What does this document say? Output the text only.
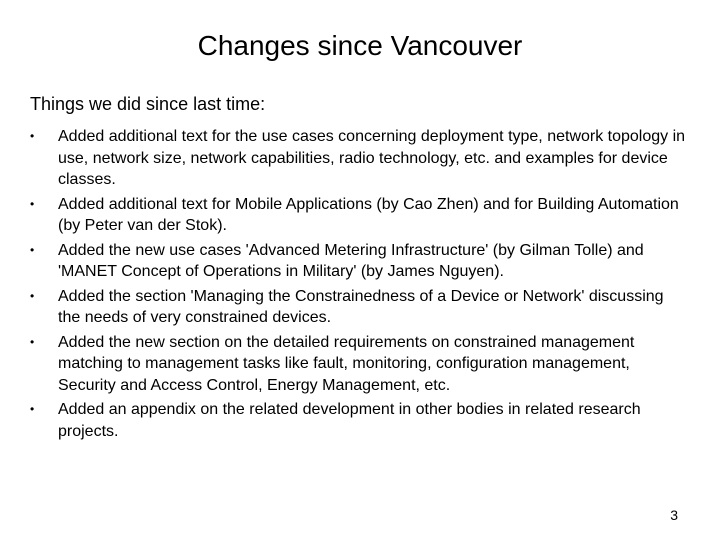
Changes since Vancouver
Things we did since last time:
•	Added additional text for the use cases concerning deployment type, network topology in use, network size, network capabilities, radio technology, etc. and examples for device classes.
•	Added additional text for Mobile Applications (by Cao Zhen) and for Building Automation (by Peter van der Stok).
•	Added the new use cases 'Advanced Metering Infrastructure' (by Gilman Tolle) and 'MANET Concept of Operations in Military' (by James Nguyen).
•	Added the section 'Managing the Constrainedness of a Device or Network' discussing the needs of very constrained devices.
•	Added the new section on the detailed requirements on constrained management matching to management tasks like fault, monitoring, configuration management, Security and Access Control, Energy Management, etc.
•	Added an appendix on the related development in other bodies in related research projects.
3
